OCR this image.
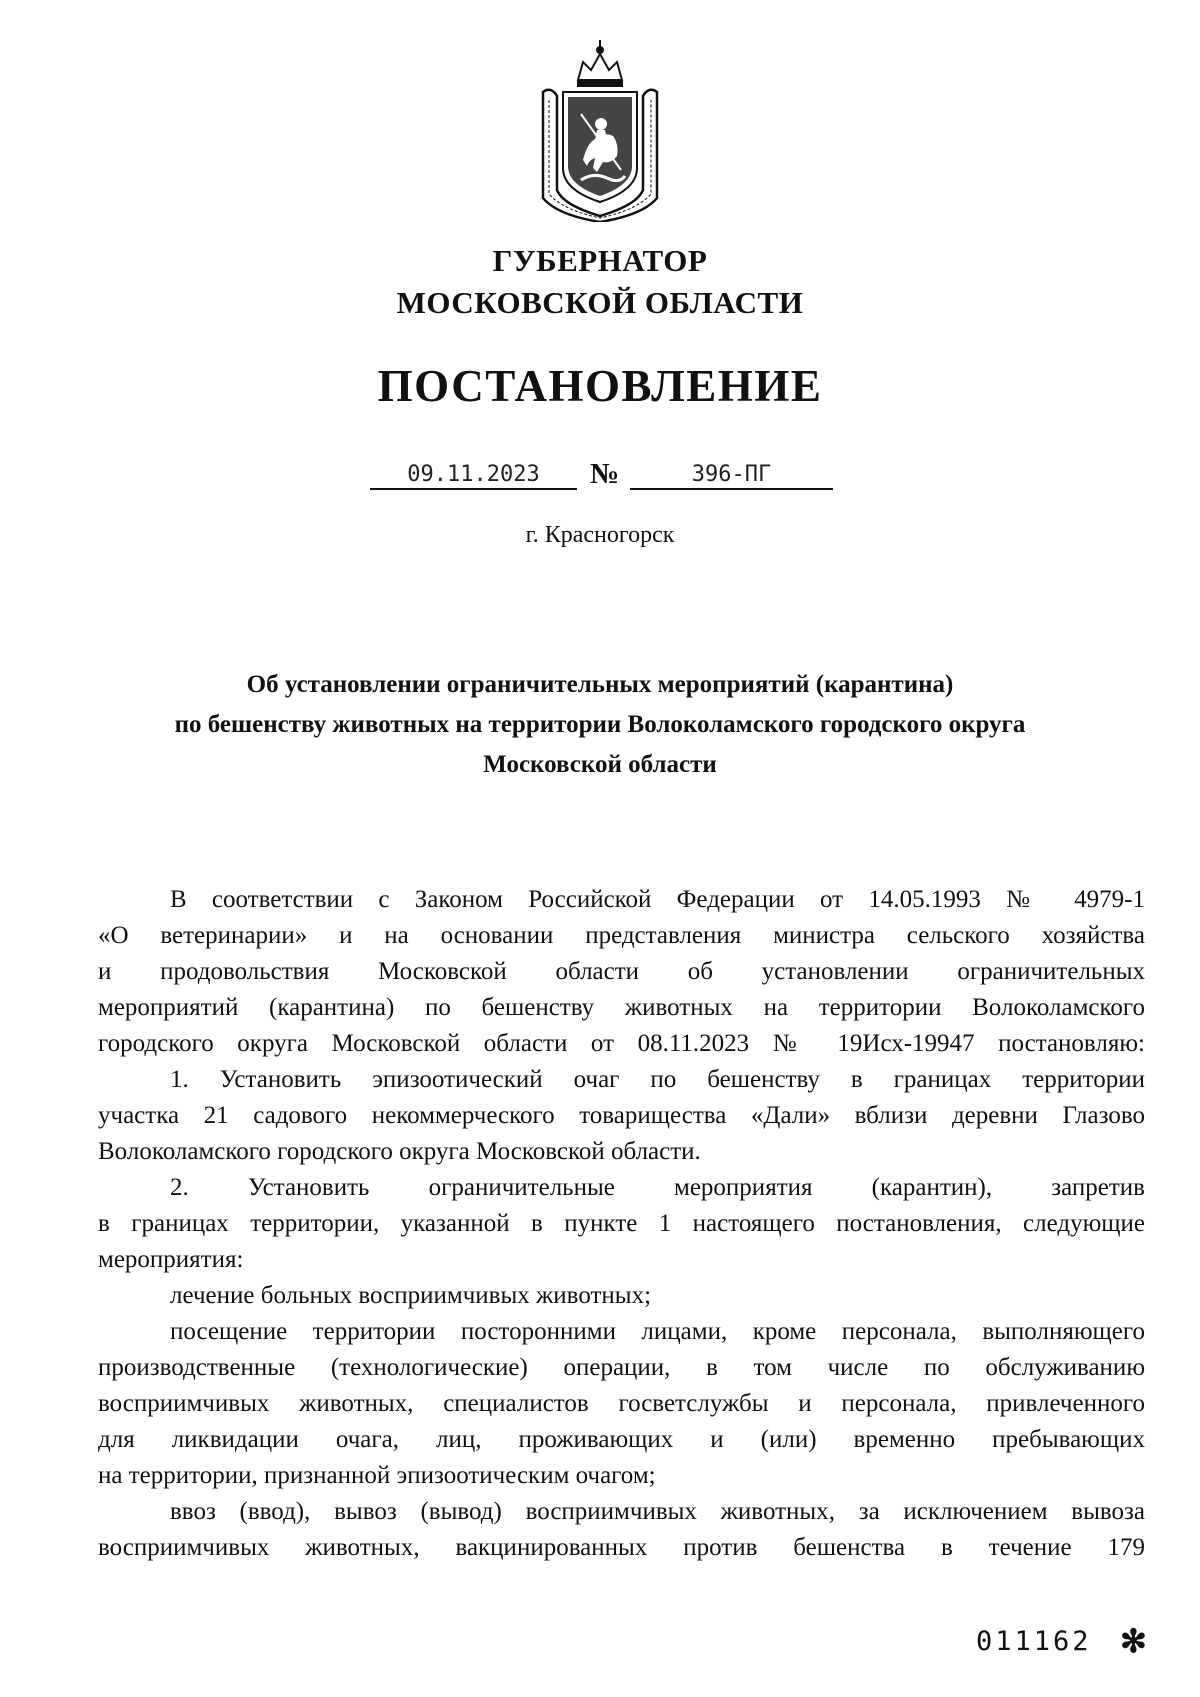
ГУБЕРНАТОР
МОСКОВСКОЙ ОБЛАСТИ
ПОСТАНОВЛЕНИЕ
09.11.2023	№	396-ПГ
г. Красногорск
Об установлении ограничительных мероприятий (карантина)
по бешенству животных на территории Волоколамского городского округа
Московской области
В соответствии с Законом Российской Федерации от 14.05.1993 № 4979-1
«О ветеринарии» и на основании представления министра сельского хозяйства
и продовольствия Московской области об установлении ограничительных
мероприятий (карантина) по бешенству животных на территории Волоколамского
городского округа Московской области от 08.11.2023 № 19Исх-19947 постановляю:
1. Установить эпизоотический очаг по бешенству в границах территории
участка 21 садового некоммерческого товарищества «Дали» вблизи деревни Глазово
Волоколамского городского округа Московской области.
2. Установить ограничительные мероприятия (карантин), запретив
в границах территории, указанной в пункте 1 настоящего постановления, следующие
мероприятия:
лечение больных восприимчивых животных;
посещение территории посторонними лицами, кроме персонала, выполняющего
производственные (технологические) операции, в том числе по обслуживанию
восприимчивых животных, специалистов госветслужбы и персонала, привлеченного
для ликвидации очага, лиц, проживающих и (или) временно пребывающих
на территории, признанной эпизоотическим очагом;
ввоз (ввод), вывоз (вывод) восприимчивых животных, за исключением вывоза
восприимчивых животных, вакцинированных против бешенства в течение 179
011162 ✻
